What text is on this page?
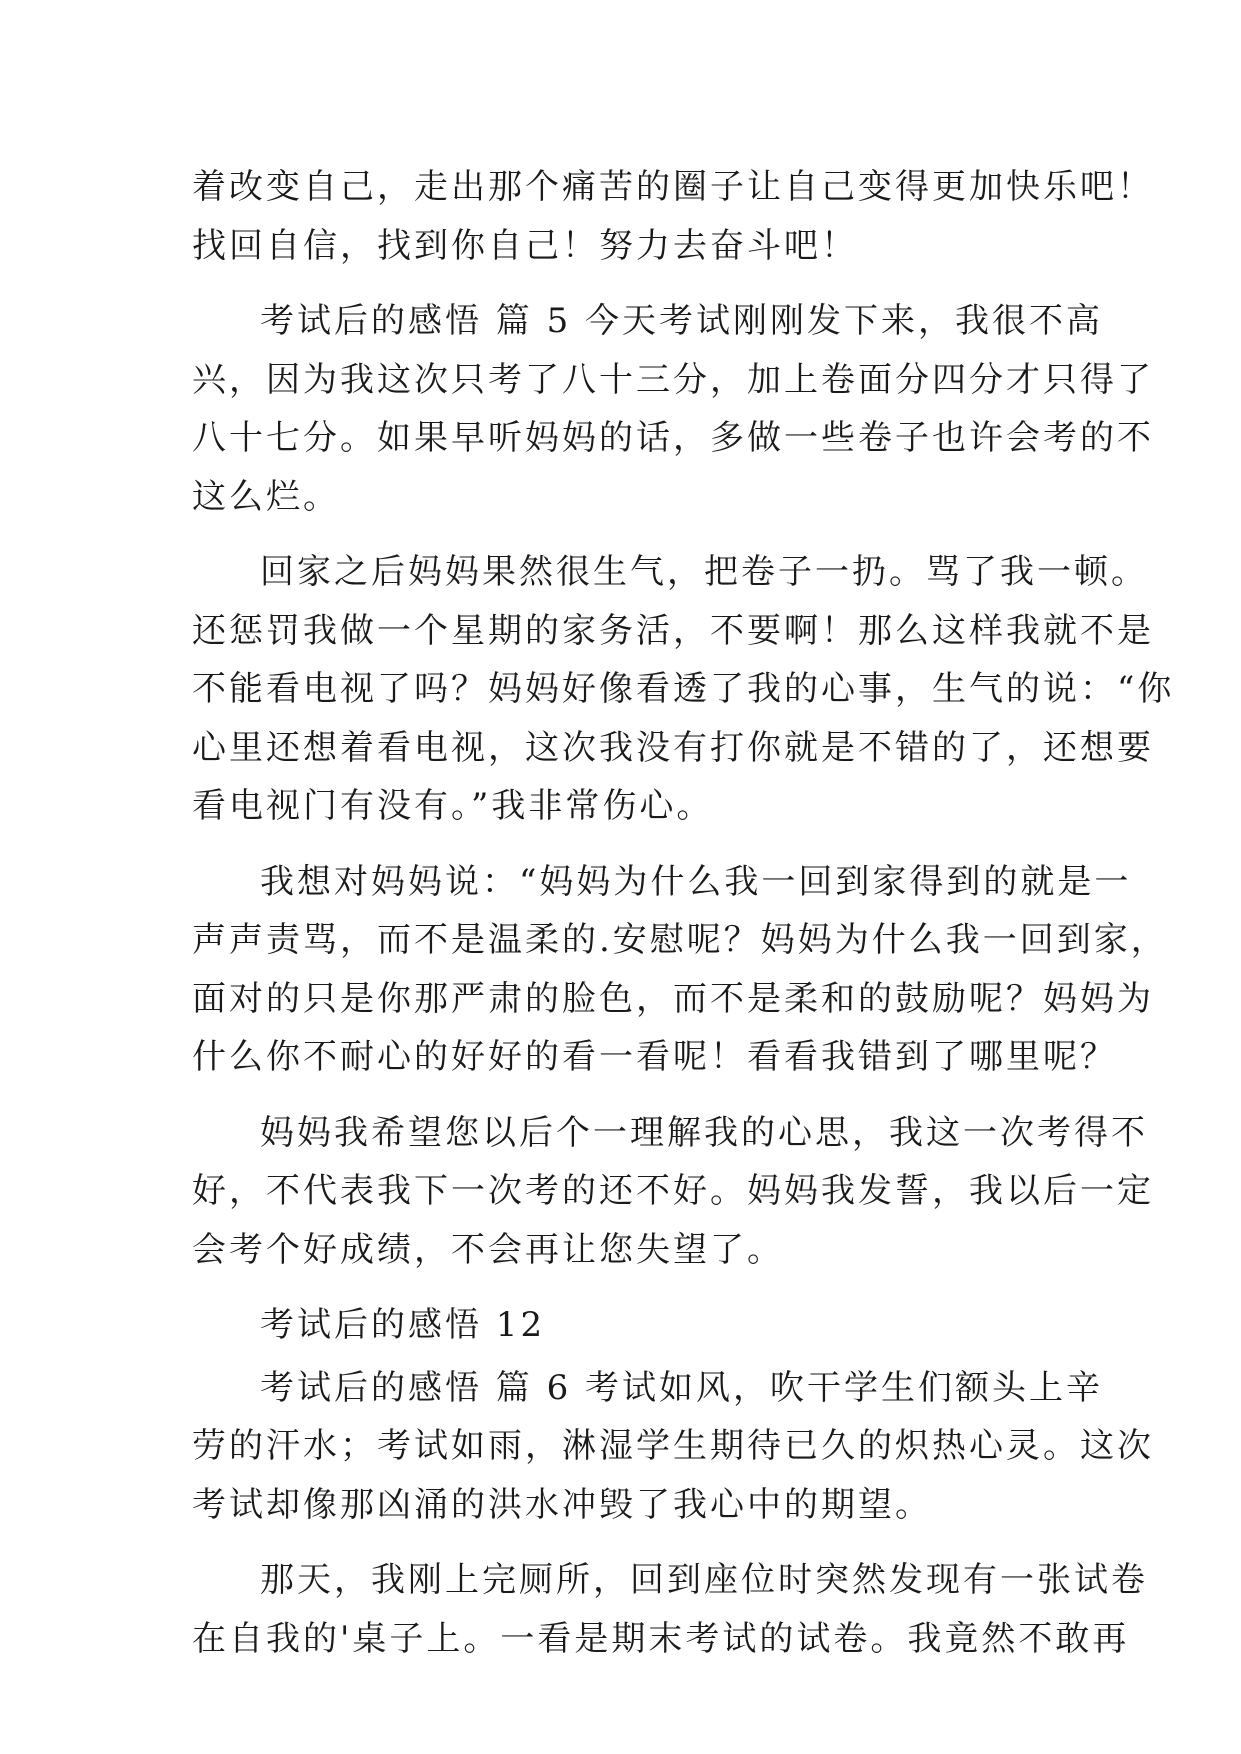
着改变自己，走出那个痛苦的圈子让自己变得更加快乐吧！
找回自信，找到你自己！努力去奋斗吧！
考试后的感悟 篇 5 今天考试刚刚发下来，我很不高
兴，因为我这次只考了八十三分，加上卷面分四分才只得了
八十七分。如果早听妈妈的话，多做一些卷子也许会考的不
这么烂。
回家之后妈妈果然很生气，把卷子一扔。骂了我一顿。
还惩罚我做一个星期的家务活，不要啊！那么这样我就不是
不能看电视了吗？妈妈好像看透了我的心事，生气的说：“你
心里还想着看电视，这次我没有打你就是不错的了，还想要
看电视门有没有。”我非常伤心。
我想对妈妈说：“妈妈为什么我一回到家得到的就是一
声声责骂，而不是温柔的.安慰呢？妈妈为什么我一回到家，
面对的只是你那严肃的脸色，而不是柔和的鼓励呢？妈妈为
什么你不耐心的好好的看一看呢！看看我错到了哪里呢？
妈妈我希望您以后个一理解我的心思，我这一次考得不
好，不代表我下一次考的还不好。妈妈我发誓，我以后一定
会考个好成绩，不会再让您失望了。
考试后的感悟 12
考试后的感悟 篇 6 考试如风，吹干学生们额头上辛
劳的汗水；考试如雨，淋湿学生期待已久的炽热心灵。这次
考试却像那凶涌的洪水冲毁了我心中的期望。
那天，我刚上完厕所，回到座位时突然发现有一张试卷
在自我的'桌子上。一看是期末考试的试卷。我竟然不敢再
